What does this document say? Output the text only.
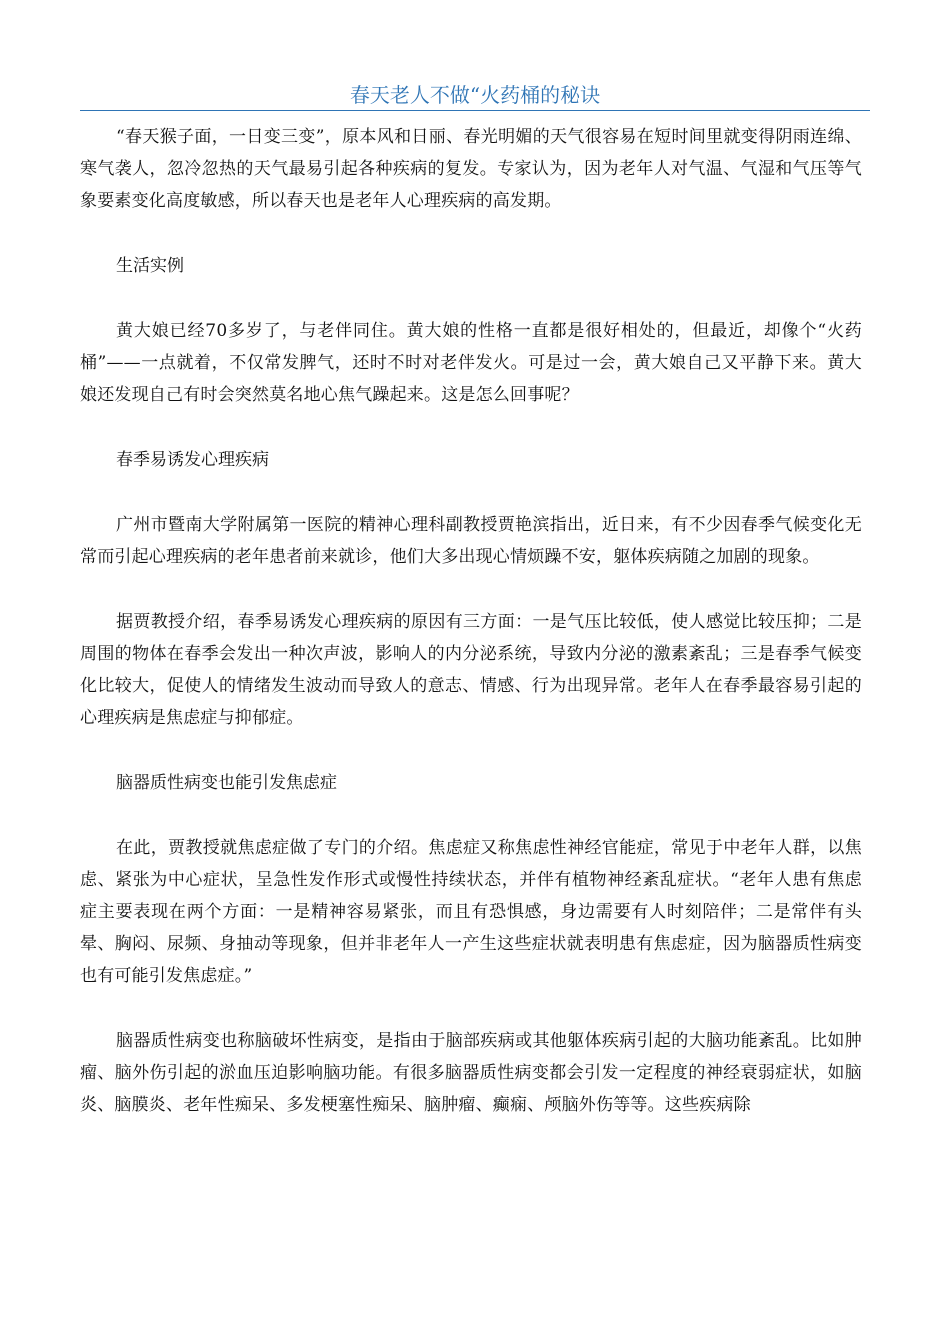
春天老人不做“火药桶的秘诀

“春天猴子面，一日变三变”，原本风和日丽、春光明媚的天气很容易在短时间里就变得阴雨连绵、寒气袭人，忽冷忽热的天气最易引起各种疾病的复发。专家认为，因为老年人对气温、气湿和气压等气象要素变化高度敏感，所以春天也是老年人心理疾病的高发期。

生活实例

黄大娘已经70多岁了，与老伴同住。黄大娘的性格一直都是很好相处的，但最近，却像个“火药桶”——一点就着，不仅常发脾气，还时不时对老伴发火。可是过一会，黄大娘自己又平静下来。黄大娘还发现自己有时会突然莫名地心焦气躁起来。这是怎么回事呢？

春季易诱发心理疾病

广州市暨南大学附属第一医院的精神心理科副教授贾艳滨指出，近日来，有不少因春季气候变化无常而引起心理疾病的老年患者前来就诊，他们大多出现心情烦躁不安，躯体疾病随之加剧的现象。

据贾教授介绍，春季易诱发心理疾病的原因有三方面：一是气压比较低，使人感觉比较压抑；二是周围的物体在春季会发出一种次声波，影响人的内分泌系统，导致内分泌的激素紊乱；三是春季气候变化比较大，促使人的情绪发生波动而导致人的意志、情感、行为出现异常。老年人在春季最容易引起的心理疾病是焦虑症与抑郁症。

脑器质性病变也能引发焦虑症

在此，贾教授就焦虑症做了专门的介绍。焦虑症又称焦虑性神经官能症，常见于中老年人群，以焦虑、紧张为中心症状，呈急性发作形式或慢性持续状态，并伴有植物神经紊乱症状。“老年人患有焦虑症主要表现在两个方面：一是精神容易紧张，而且有恐惧感，身边需要有人时刻陪伴；二是常伴有头晕、胸闷、尿频、身抽动等现象，但并非老年人一产生这些症状就表明患有焦虑症，因为脑器质性病变也有可能引发焦虑症。”

脑器质性病变也称脑破坏性病变，是指由于脑部疾病或其他躯体疾病引起的大脑功能紊乱。比如肿瘤、脑外伤引起的淤血压迫影响脑功能。有很多脑器质性病变都会引发一定程度的神经衰弱症状，如脑炎、脑膜炎、老年性痴呆、多发梗塞性痴呆、脑肿瘤、癫痫、颅脑外伤等等。这些疾病除
